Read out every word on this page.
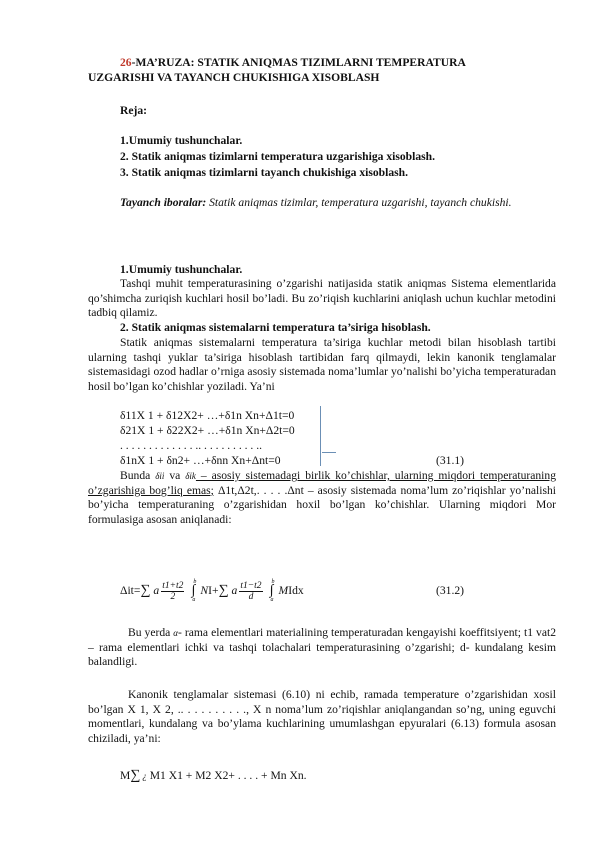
26-MA’RUZA: STATIK ANIQMAS TIZIMLARNI TEMPERATURA

UZGARISHI VA TAYANCH CHUKISHIGA XISOBLASH
Reja:
1.Umumiy tushunchalar.
2. Statik aniqmas tizimlarni temperatura uzgarishiga xisoblash.
3. Statik aniqmas tizimlarni tayanch chukishiga xisoblash.
Tayanch iboralar: Statik aniqmas tizimlar, temperatura uzgarishi, tayanch chukishi.
1.Umumiy tushunchalar.
Tashqi muhit temperaturasining o’zgarishi natijasida statik aniqmas Sistema elementlarida qo’shimcha zuriqish kuchlari hosil bo’ladi. Bu zo’riqish kuchlarini aniqlash uchun kuchlar metodini tadbiq qilamiz.
2. Statik aniqmas sistemalarni temperatura ta’siriga hisoblash.
Statik aniqmas sistemalarni temperatura ta’siriga kuchlar metodi bilan hisoblash tartibi ularning tashqi yuklar ta’siriga hisoblash tartibidan farq qilmaydi, lekin kanonik tenglamalar sistemasidagi ozod hadlar o’rniga asosiy sistemada noma’lumlar yo’nalishi bo’yicha temperaturadan hosil bo’lgan ko’chishlar yoziladi. Ya’ni
δ11X 1 + δ12X2+ …+δ1n Xn+Δ1t=0
δ21X 1 + δ22X2+ …+δ1n Xn+Δ2t=0
. . . . . . . . . . . . . .. . . . . . . . . . ..
δ1nX 1 + δn2+ …+δnn Xn+Δnt=0	(31.1)
Bunda δii va δik – asosiy sistemadagi birlik ko’chishlar, ularning miqdori temperaturaning o’zgarishiga bog’liq emas; Δ1t,Δ2t,. . . . .Δnt – asosiy sistemada noma’lum zo’riqishlar yo’nalishi bo’yicha temperaturaning o’zgarishidan hoxil bo’lgan ko’chishlar. Ularning miqdori Mor formulasiga asosan aniqlanadi:
Δit= ∑ a $\frac{t1+t2}{2}$ ∫
b
a
NI+ ∑ a $\frac{t1-t2}{d}$ ∫
b
a
MIdx	(31.2)
Bu yerda α- rama elementlari materialining temperaturadan kengayishi koeffitsiyent; t1 vat2 – rama elementlari ichki va tashqi tolachalari temperaturasining o’zgarishi; d- kundalang kesim balandligi.
Kanonik tenglamalar sistemasi (6.10) ni echib, ramada temperature o’zgarishidan xosil bo’lgan X 1, X 2, .. . . . . . . . . ., X n noma’lum zo’riqishlar aniqlangandan so’ng, uning eguvchi momentlari, kundalang va bo’ylama kuchlarining umumlashgan epyuralari (6.13) formula asosan chiziladi, ya’ni:
M∑ ¿ M1 X1 + M2 X2+ . . . . + Mn Xn.
